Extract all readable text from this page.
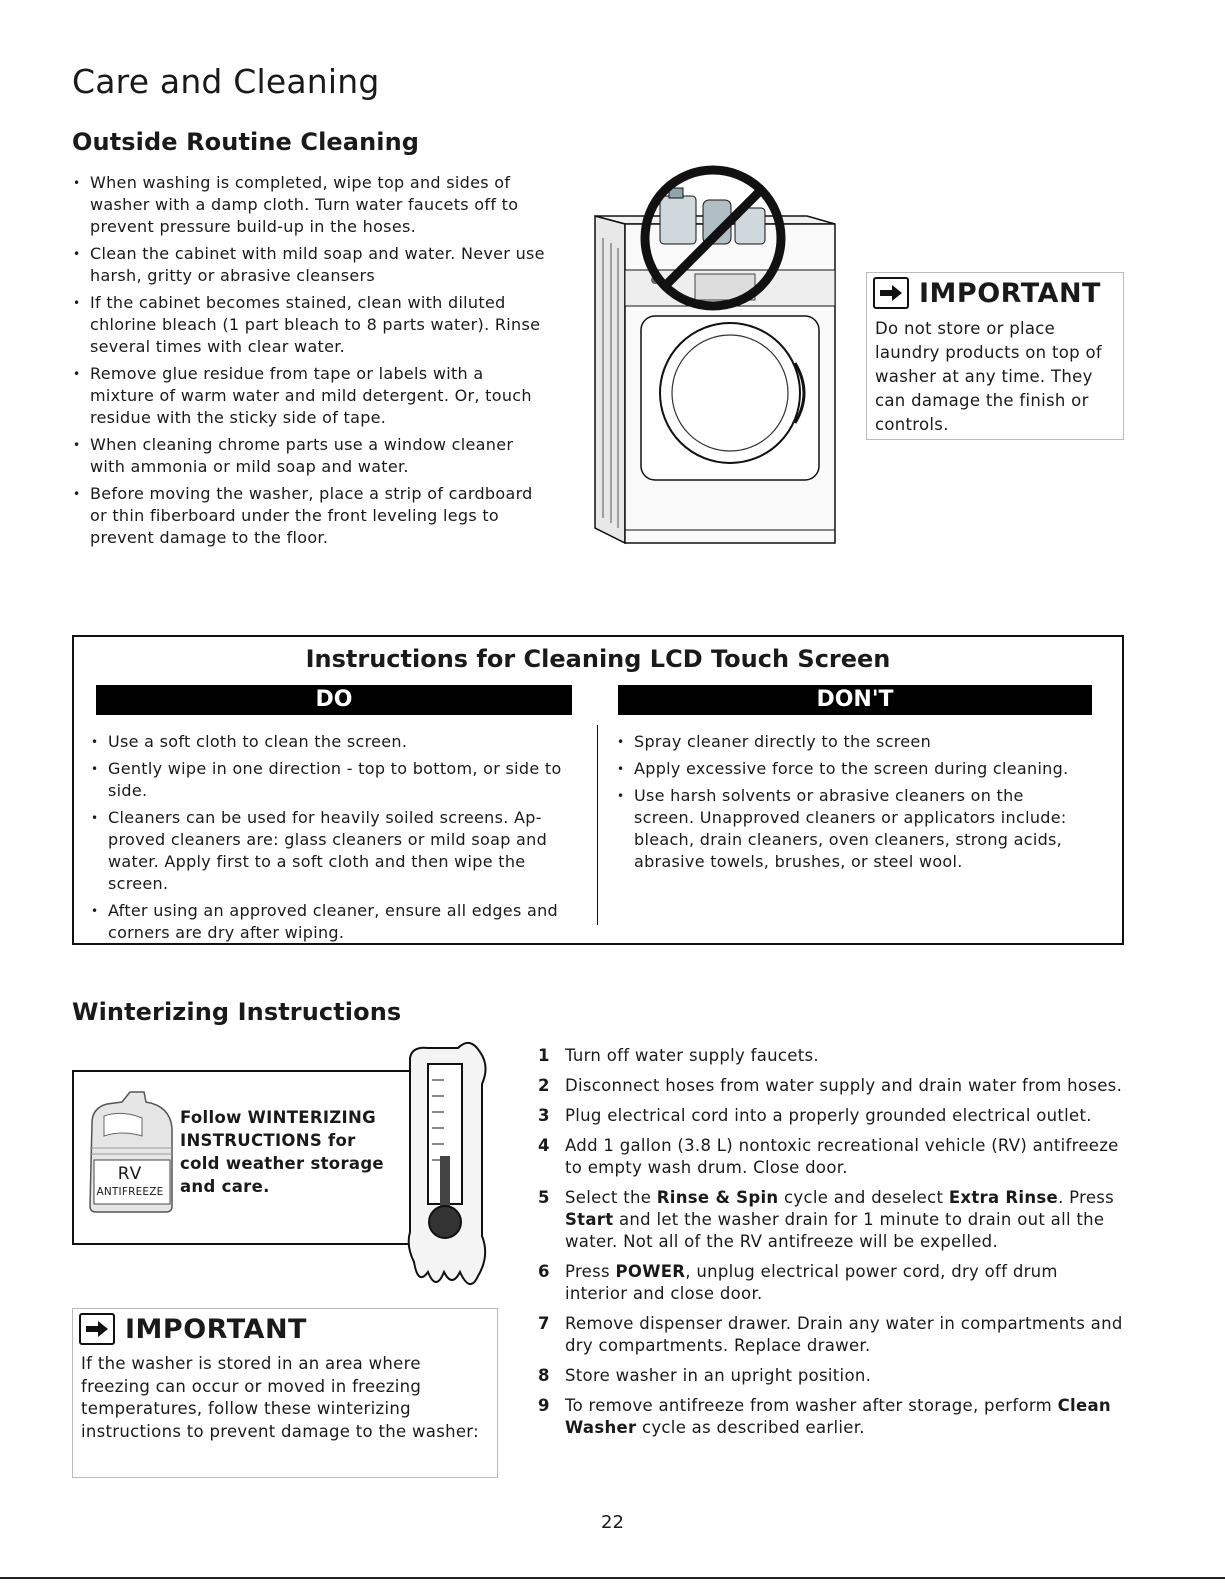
Care and Cleaning
Outside Routine Cleaning
• When washing is completed, wipe top and sides of washer with a damp cloth. Turn water faucets off to prevent pressure build-up in the hoses.
• Clean the cabinet with mild soap and water. Never use harsh, gritty or abrasive cleansers
• If the cabinet becomes stained, clean with diluted chlorine bleach (1 part bleach to 8 parts water). Rinse several times with clear water.
• Remove glue residue from tape or labels with a mixture of warm water and mild detergent. Or, touch residue with the sticky side of tape.
• When cleaning chrome parts use a window cleaner with ammonia or mild soap and water.
• Before moving the washer, place a strip of cardboard or thin fiberboard under the front leveling legs to prevent damage to the floor.
IMPORTANT
Do not store or place laundry products on top of washer at any time. They can damage the finish or controls.
Instructions for Cleaning LCD Touch Screen
DO	DON'T
• Use a soft cloth to clean the screen.
• Gently wipe in one direction - top to bottom, or side to side.
• Cleaners can be used for heavily soiled screens. Ap-proved cleaners are: glass cleaners or mild soap and water. Apply first to a soft cloth and then wipe the screen.
• After using an approved cleaner, ensure all edges and corners are dry after wiping.
• Spray cleaner directly to the screen
• Apply excessive force to the screen during cleaning.
• Use harsh solvents or abrasive cleaners on the screen. Unapproved cleaners or applicators include: bleach, drain cleaners, oven cleaners, strong acids, abrasive towels, brushes, or steel wool.
Winterizing Instructions
RV
ANTIFREEZE
Follow WINTERIZING INSTRUCTIONS for cold weather storage and care.
IMPORTANT
If the washer is stored in an area where freezing can occur or moved in freezing temperatures, follow these winterizing instructions to prevent damage to the washer:
1 Turn off water supply faucets.
2 Disconnect hoses from water supply and drain water from hoses.
3 Plug electrical cord into a properly grounded electrical outlet.
4 Add 1 gallon (3.8 L) nontoxic recreational vehicle (RV) antifreeze to empty wash drum. Close door.
5 Select the Rinse & Spin cycle and deselect Extra Rinse. Press Start and let the washer drain for 1 minute to drain out all the water. Not all of the RV antifreeze will be expelled.
6 Press POWER, unplug electrical power cord, dry off drum interior and close door.
7 Remove dispenser drawer. Drain any water in compartments and dry compartments. Replace drawer.
8 Store washer in an upright position.
9 To remove antifreeze from washer after storage, perform Clean Washer cycle as described earlier.
22
